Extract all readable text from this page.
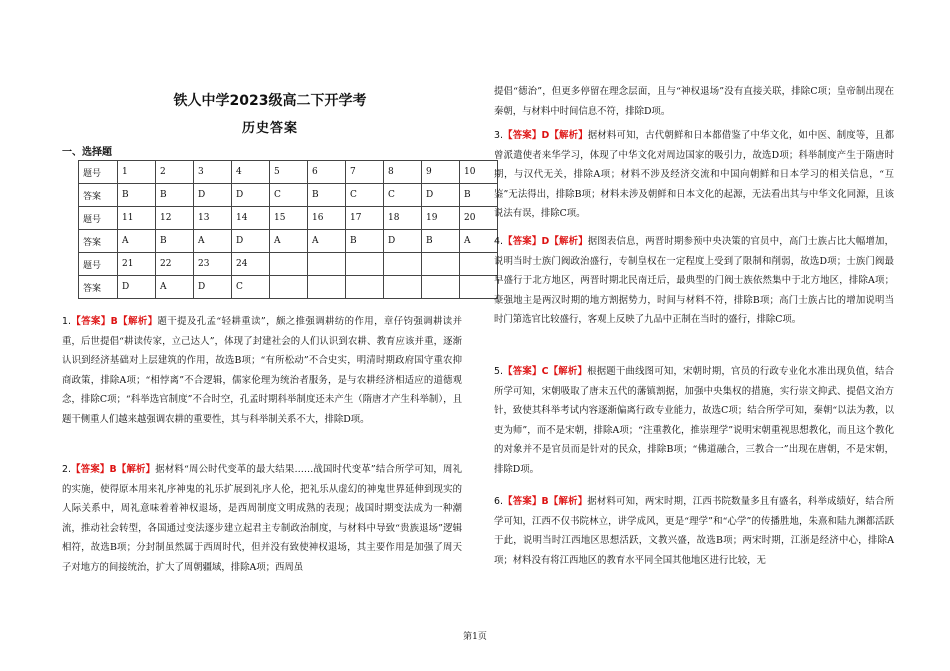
铁人中学2023级高二下开学考
历史答案
一、选择题
题号	1	2	3	4	5	6	7	8	9	10
答案	B	B	D	D	C	B	C	C	D	B
题号	11	12	13	14	15	16	17	18	19	20
答案	A	B	A	D	A	A	B	D	B	A
题号	21	22	23	24						
答案	D	A	D	C						
1.【答案】B【解析】题干提及孔孟“轻耕重读”，颇之推强调耕纺的作用，章仔钧强调耕读并重，后世提倡“耕读传家，立己达人”，体现了封建社会的人们认识到农耕、教育应该并重，逐渐认识到经济基础对上层建筑的作用，故选B项；“有所松动”不合史实，明清时期政府国守重农抑商政策，排除A项；“相悖离”不合逻辑，儒家伦理为统治者服务，是与农耕经济相适应的道德观念，排除C项；“科举选官制度”不合时空，孔孟时期科举制度还未产生（隋唐才产生科举制），且题干侧重人们越来越强调农耕的重要性，其与科举制关系不大，排除D项。
2.【答案】B【解析】据材料“周公时代变革的最大结果……战国时代变革”结合所学可知，周礼的实施，使得原本用来礼序神鬼的礼乐扩展到礼序人伦，把礼乐从虚幻的神鬼世界延伸到现实的人际关系中，周礼意味着着神权退场，是西周制度文明成熟的表现；战国时期变法成为一种潮流，推动社会转型，各国通过变法逐步建立起君主专制政治制度，与材料中导致“贵族退场”逻辑相符，故选B项；分封制虽然属于西周时代，但并没有致使神权退场，其主要作用是加强了周天子对地方的间接统治，扩大了周朝疆域，排除A项；西周虽
提倡“德治”，但更多停留在理念层面，且与“神权退场”没有直接关联，排除C项；皇帝制出现在秦朝，与材料中时间信息不符，排除D项。
3.【答案】D【解析】据材料可知，古代朝鲜和日本都借鉴了中华文化，如中医、制度等，且都曾派遣使者来华学习，体现了中华文化对周边国家的吸引力，故选D项；科举制度产生于隋唐时期，与汉代无关，排除A项；材料不涉及经济交流和中国向朝鲜和日本学习的相关信息，“互鉴”无法得出，排除B项；材料未涉及朝鲜和日本文化的起源，无法看出其与中华文化同源，且该说法有误，排除C项。
4.【答案】D【解析】据图表信息，两晋时期参预中央决策的官员中，高门士族占比大幅增加，说明当时士族门阀政治盛行，专制皇权在一定程度上受到了限制和削弱，故选D项；士族门阀最早盛行于北方地区，两晋时期北民南迁后，最典型的门阀士族依然集中于北方地区，排除A项；豪强地主是两汉时期的地方割据势力，时间与材料不符，排除B项；高门士族占比的增加说明当时门第选官比较盛行，客观上反映了九品中正制在当时的盛行，排除C项。
5.【答案】C【解析】根据题干曲线图可知，宋朝时期，官员的行政专业化水准出现负值，结合所学可知，宋朝吸取了唐末五代的藩镇割据，加强中央集权的措施，实行崇文抑武、提倡文治方针，致使其科举考试内容逐渐偏离行政专业能力，故选C项；结合所学可知，秦朝“以法为教，以吏为师”，而不是宋朝，排除A项；“注重教化，推崇理学”说明宋朝重视思想教化，而且这个教化的对象并不是官员而是针对的民众，排除B项；“佛道融合，三教合一”出现在唐朝，不是宋朝，排除D项。
6.【答案】B【解析】据材料可知，两宋时期，江西书院数量多且有盛名，科举成绩好，结合所学可知，江西不仅书院林立，讲学成风，更是“理学”和“心学”的传播胜地，朱熹和陆九渊都活跃于此，说明当时江西地区思想活跃，文教兴盛，故选B项；两宋时期，江浙是经济中心，排除A项；材料没有将江西地区的教育水平同全国其他地区进行比较，无
第1页
